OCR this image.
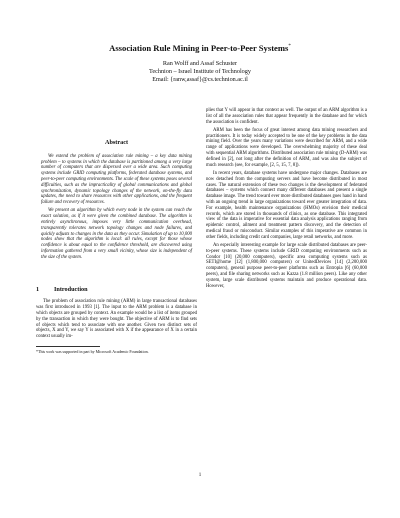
Association Rule Mining in Peer-to-Peer Systems*
Ran Wolff and Assaf Schuster
Technion – Israel Institute of Technology
Email: {ranw,assaf}@cs.technion.ac.il
Abstract

We extend the problem of association rule mining – a key data mining problem – to systems in which the database is partitioned among a very large number of computers that are dispersed over a wide area. Such computing systems include GRID computing platforms, federated database systems, and peer-to-peer computing environments. The scale of these systems poses several difficulties, such as the impracticality of global communications and global synchronization, dynamic topology changes of the network, on-the-fly data updates, the need to share resources with other applications, and the frequent failure and recovery of resources.

We present an algorithm by which every node in the system can reach the exact solution, as if it were given the combined database. The algorithm is entirely asynchronous, imposes very little communication overhead, transparently tolerates network topology changes and node failures, and quickly adjusts to changes in the data as they occur. Simulation of up to 10,000 nodes show that the algorithm is local: all rules, except for those whose confidence is about equal to the confidence threshold, are discovered using information gathered from a very small vicinity, whose size is independent of the size of the system.

1 Introduction

The problem of association rule mining (ARM) in large transactional databases was first introduced in 1993 [1]. The input to the ARM problem is a database in which objects are grouped by context. An example would be a list of items grouped by the transaction in which they were bought. The objective of ARM is to find sets of objects which tend to associate with one another. Given two distinct sets of objects, X and Y, we say Y is associated with X if the appearance of X in a certain context usually im-

*This work was supported in part by Microsoft Academic Foundation.

plies that Y will appear in that context as well. The output of an ARM algorithm is a list of all the association rules that appear frequently in the database and for which the association is confident.

ARM has been the focus of great interest among data mining researchers and practitioners. It is today widely accepted to be one of the key problems in the data mining field. Over the years many variations were described for ARM, and a wide range of applications were developed. The overwhelming majority of these deal with sequential ARM algorithms. Distributed association rule mining (D-ARM) was defined in [2], not long after the definition of ARM, and was also the subject of much research (see, for example, [2, 5, 15, 7, 8]).

In recent years, database systems have undergone major changes. Databases are now detached from the computing servers and have become distributed in most cases. The natural extension of these two changes is the development of federated databases – systems which connect many different databases and present a single database image. The trend toward ever more distributed databases goes hand in hand with an ongoing trend in large organizations toward ever greater integration of data. For example, health maintenance organizations (HMOs) envision their medical records, which are stored in thousands of clinics, as one database. This integrated view of the data is imperative for essential data analysis applications ranging from epidemic control, ailment and treatment pattern discovery, and the detection of medical fraud or misconduct. Similar examples of this imperative are common in other fields, including credit card companies, large retail networks, and more.

An especially interesting example for large scale distributed databases are peer-to-peer systems. These systems include GRID computing environments such as Condor [10] (20,000 computers), specific area computing systems such as SETI@home [12] (1,800,000 computers) or UnitedDevices [14] (2,200,000 computers), general purpose peer-to-peer platforms such as Entropia [6] (60,000 peers), and file sharing networks such as Kazza (1.8 million peers). Like any other system, large scale distributed systems maintain and produce operational data. However,

1
